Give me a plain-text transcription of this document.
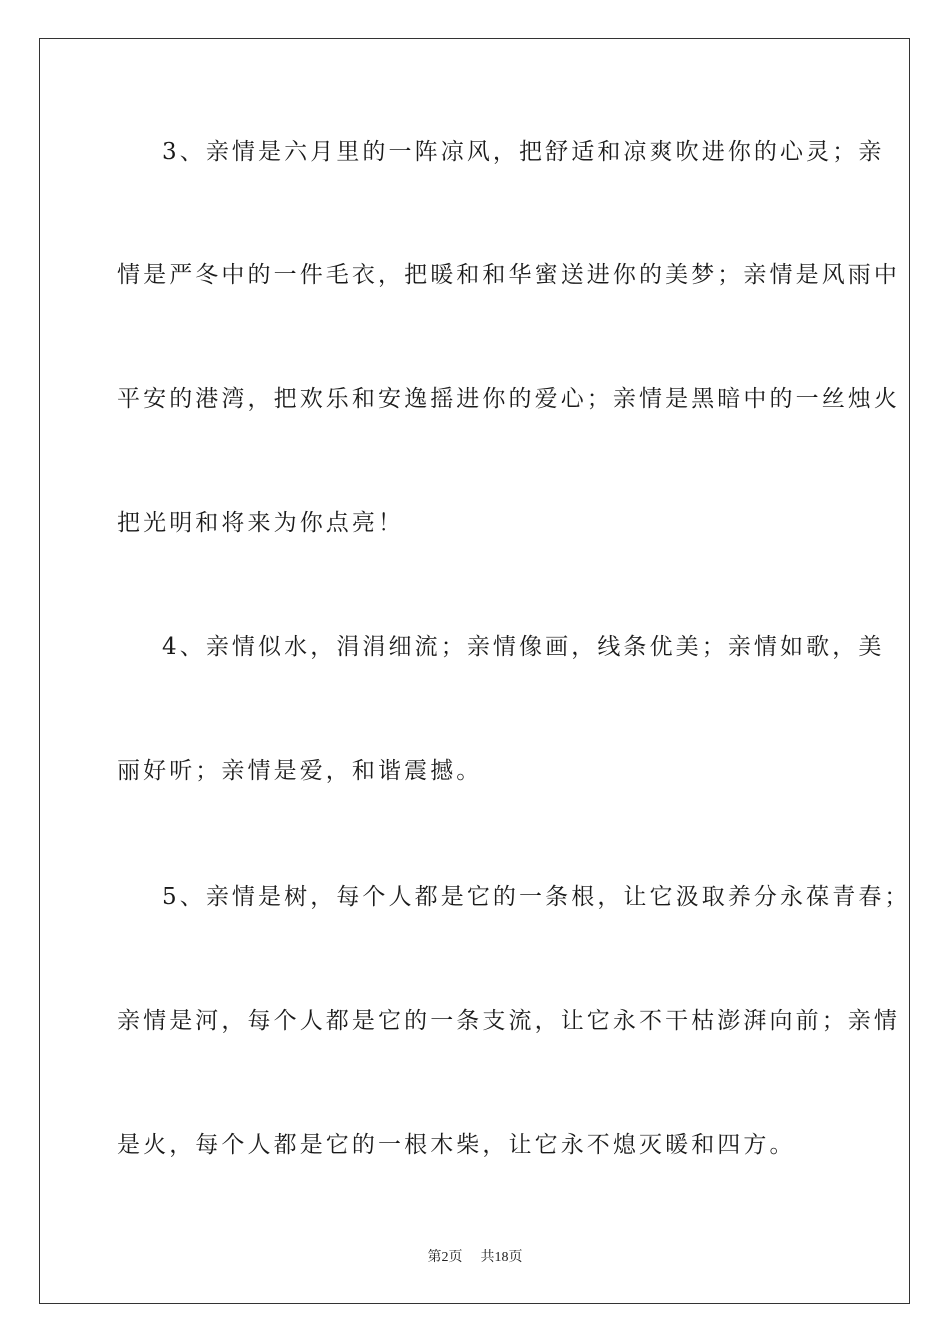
3、亲情是六月里的一阵凉风，把舒适和凉爽吹进你的心灵；亲
情是严冬中的一件毛衣，把暖和和华蜜送进你的美梦；亲情是风雨中
平安的港湾，把欢乐和安逸摇进你的爱心；亲情是黑暗中的一丝烛火
把光明和将来为你点亮！
4、亲情似水，涓涓细流；亲情像画，线条优美；亲情如歌，美
丽好听；亲情是爱，和谐震撼。
5、亲情是树，每个人都是它的一条根，让它汲取养分永葆青春；
亲情是河，每个人都是它的一条支流，让它永不干枯澎湃向前；亲情
是火，每个人都是它的一根木柴，让它永不熄灭暖和四方。
第2页 共18页
